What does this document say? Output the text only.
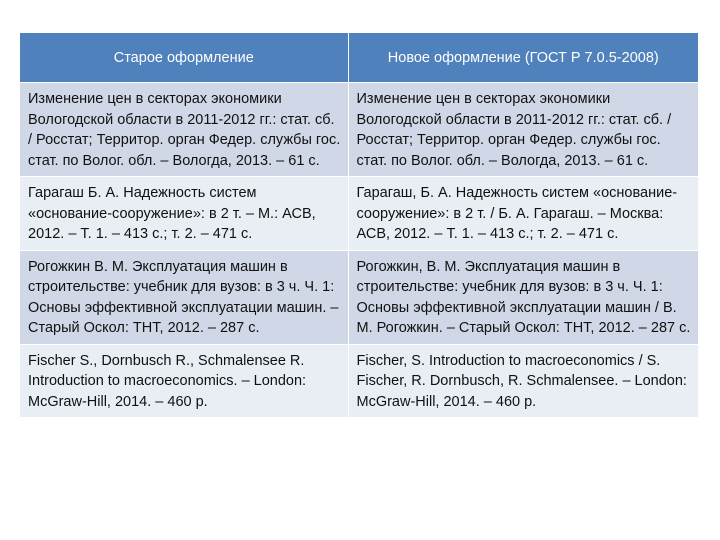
Старое оформление	Новое оформление (ГОСТ Р 7.0.5-2008)
Изменение цен в секторах экономики Вологодской области в 2011-2012 гг.: стат. сб. / Росстат; Территор. орган Федер. службы гос. стат. по Волог. обл. – Вологда, 2013. – 61 с.	Изменение цен в секторах экономики Вологодской области в 2011-2012 гг.: стат. сб. / Росстат; Территор. орган Федер. службы гос. стат. по Волог. обл. – Вологда, 2013. – 61 с.
Гарагаш Б. А. Надежность систем «основание-сооружение»: в 2 т. – М.: АСВ, 2012. – Т. 1. – 413 с.; т. 2. – 471 с.	Гарагаш, Б. А. Надежность систем «основание-сооружение»: в 2 т. / Б. А. Гарагаш. – Москва: АСВ, 2012. – Т. 1. – 413 с.; т. 2. – 471 с.
Рогожкин В. М. Эксплуатация машин в строительстве: учебник для вузов: в 3 ч. Ч. 1: Основы эффективной эксплуатации машин. – Старый Оскол: ТНТ, 2012. – 287 с.	Рогожкин, В. М. Эксплуатация машин в строительстве: учебник для вузов: в 3 ч. Ч. 1: Основы эффективной эксплуатации машин / В. М. Рогожкин. – Старый Оскол: ТНТ, 2012. – 287 с.
Fischer S., Dornbusch R., Schmalensee R. Introduction to macroeconomics. – London: McGraw-Hill, 2014. – 460 p.	Fischer, S. Introduction to macroeconomics / S. Fischer, R. Dornbusch, R. Schmalensee. – London: McGraw-Hill, 2014. – 460 p.
